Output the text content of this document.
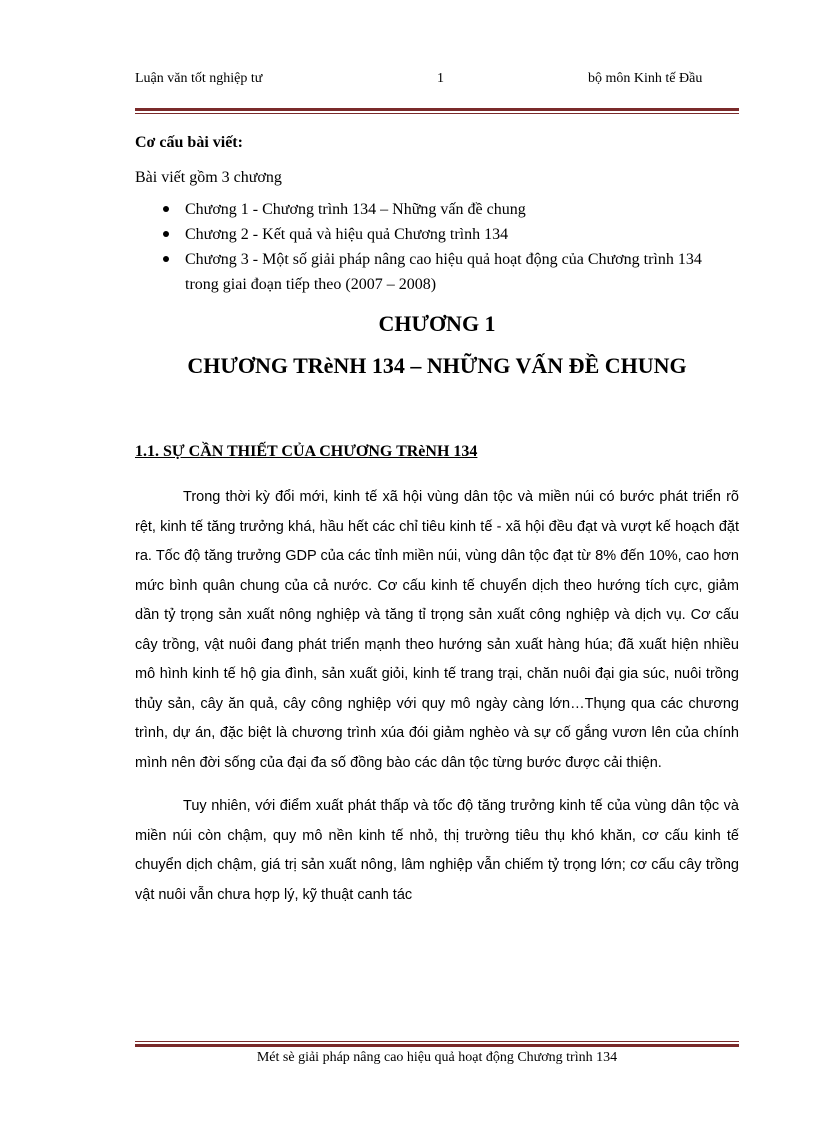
Luận văn tốt nghiệp tư	1	bộ môn Kinh tế Đầu

Cơ cấu bài viết:

Bài viết gồm 3 chương

Chương 1 - Chương trình 134 – Những vấn đề chung
Chương 2 - Kết quả và hiệu quả Chương trình 134
Chương 3 - Một số giải pháp nâng cao hiệu quả hoạt động của Chương trình 134 trong giai đoạn tiếp theo (2007 – 2008)
CHƯƠNG 1
CHƯƠNG TRèNH 134 – NHỮNG VẤN ĐỀ CHUNG
1.1. SỰ CẦN THIẾT CỦA CHƯƠNG TRèNH 134

Trong thời kỳ đổi mới, kinh tế xã hội vùng dân tộc và miền núi có bước phát triển rõ rệt, kinh tế tăng trưởng khá, hầu hết các chỉ tiêu kinh tế - xã hội đều đạt và vượt kế hoạch đặt ra. Tốc độ tăng trưởng GDP của các tỉnh miền núi, vùng dân tộc đạt từ 8% đến 10%, cao hơn mức bình quân chung của cả nước. Cơ cấu kinh tế chuyển dịch theo hướng tích cực, giảm dần tỷ trọng sản xuất nông nghiệp và tăng tỉ trọng sản xuất công nghiệp và dịch vụ. Cơ cấu cây trồng, vật nuôi đang phát triển mạnh theo hướng sản xuất hàng húa; đã xuất hiện nhiều mô hình kinh tế hộ gia đình, sản xuất giỏi, kinh tế trang trại, chăn nuôi đại gia súc, nuôi trồng thủy sản, cây ăn quả, cây công nghiệp với quy mô ngày càng lớn…Thụng qua các chương trình, dự án, đặc biệt là chương trình xúa đói giảm nghèo và sự cố gắng vươn lên của chính mình nên đời sống của đại đa số đồng bào các dân tộc từng bước được cải thiện.

Tuy nhiên, với điểm xuất phát thấp và tốc độ tăng trưởng kinh tế của vùng dân tộc và miền núi còn chậm, quy mô nền kinh tế nhỏ, thị trường tiêu thụ khó khăn, cơ cấu kinh tế chuyển dịch chậm, giá trị sản xuất nông, lâm nghiệp vẫn chiếm tỷ trọng lớn; cơ cấu cây trồng vật nuôi vẫn chưa hợp lý, kỹ thuật canh tác

Mét sè giải pháp nâng cao hiệu quả hoạt động Chương trình 134
